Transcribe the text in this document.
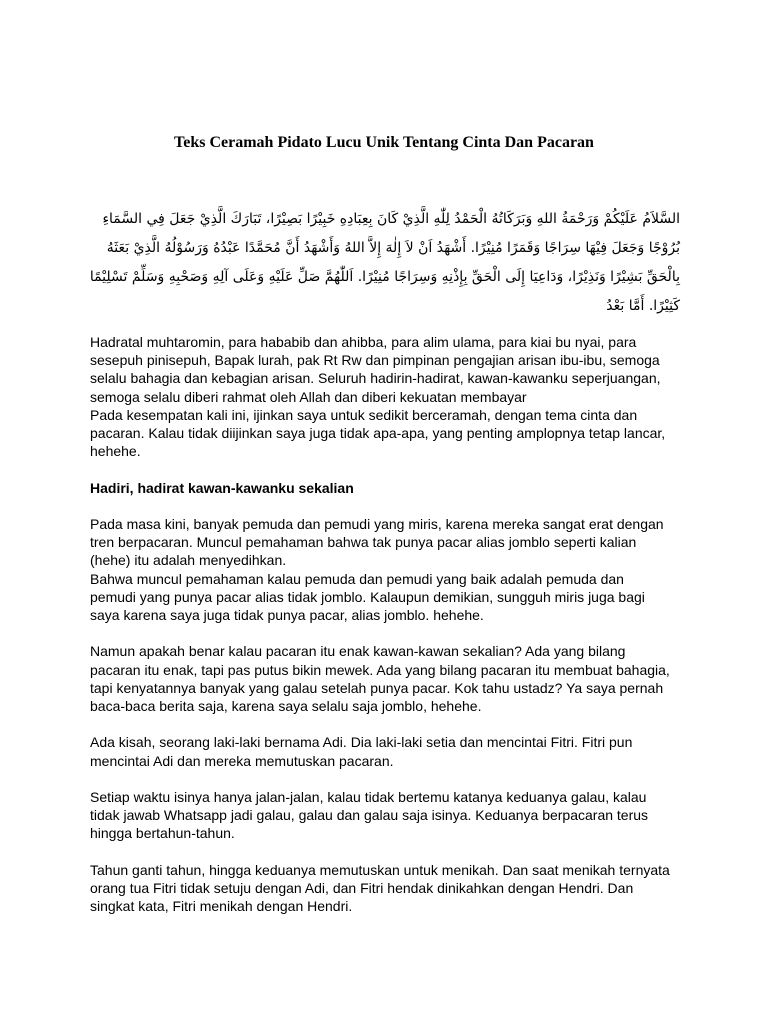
Teks Ceramah Pidato Lucu Unik Tentang Cinta Dan Pacaran
السَّلاَمُ عَلَيْكُمْ وَرَحْمَةُ اللهِ وَبَرَكَاتُهُ الْحَمْدُ لِلّٰهِ الَّذِيْ كَانَ بِعِبَادِهِ خَبِيْرًا بَصِيْرًا، تَبَارَكَ الَّذِيْ جَعَلَ فِي السَّمَاءِ بُرُوْجًا وَجَعَلَ فِيْهَا سِرَاجًا وَقَمَرًا مُنِيْرًا. أَشْهَدُ اَنْ لاَ إِلٰهَ إِلاَّ اللهُ وَأَشْهَدُ أَنَّ مُحَمَّدًا عَبْدُهُ وَرَسُوْلُهُ الَّذِيْ بَعَثَهُ بِالْحَقِّ بَشِيْرًا وَنَذِيْرًا، وَدَاعِيَا إِلَى الْحَقِّ بِإِذْنِهِ وَسِرَاجًا مُنِيْرًا. اَللّٰهُمَّ صَلِّ عَلَيْهِ وَعَلَى آلِهِ وَصَحْبِهِ وَسَلِّمْ تَسْلِيْمًا كَثِيْرًا. أَمَّا بَعْدُ

Hadratal muhtaromin, para hababib dan ahibba, para alim ulama, para kiai bu nyai, para sesepuh pinisepuh, Bapak lurah, pak Rt Rw dan pimpinan pengajian arisan ibu-ibu, semoga selalu bahagia dan kebagian arisan. Seluruh hadirin-hadirat, kawan-kawanku seperjuangan, semoga selalu diberi rahmat oleh Allah dan diberi kekuatan membayar

Pada kesempatan kali ini, ijinkan saya untuk sedikit berceramah, dengan tema cinta dan pacaran. Kalau tidak diijinkan saya juga tidak apa-apa, yang penting amplopnya tetap lancar, hehehe.

Hadiri, hadirat kawan-kawanku sekalian

Pada masa kini, banyak pemuda dan pemudi yang miris, karena mereka sangat erat dengan tren berpacaran. Muncul pemahaman bahwa tak punya pacar alias jomblo seperti kalian (hehe) itu adalah menyedihkan.

Bahwa muncul pemahaman kalau pemuda dan pemudi yang baik adalah pemuda dan pemudi yang punya pacar alias tidak jomblo. Kalaupun demikian, sungguh miris juga bagi saya karena saya juga tidak punya pacar, alias jomblo. hehehe.

Namun apakah benar kalau pacaran itu enak kawan-kawan sekalian? Ada yang bilang pacaran itu enak, tapi pas putus bikin mewek. Ada yang bilang pacaran itu membuat bahagia, tapi kenyatannya banyak yang galau setelah punya pacar. Kok tahu ustadz? Ya saya pernah baca-baca berita saja, karena saya selalu saja jomblo, hehehe.

Ada kisah, seorang laki-laki bernama Adi. Dia laki-laki setia dan mencintai Fitri. Fitri pun mencintai Adi dan mereka memutuskan pacaran.

Setiap waktu isinya hanya jalan-jalan, kalau tidak bertemu katanya keduanya galau, kalau tidak jawab Whatsapp jadi galau, galau dan galau saja isinya. Keduanya berpacaran terus hingga bertahun-tahun.

Tahun ganti tahun, hingga keduanya memutuskan untuk menikah. Dan saat menikah ternyata orang tua Fitri tidak setuju dengan Adi, dan Fitri hendak dinikahkan dengan Hendri. Dan singkat kata, Fitri menikah dengan Hendri.
